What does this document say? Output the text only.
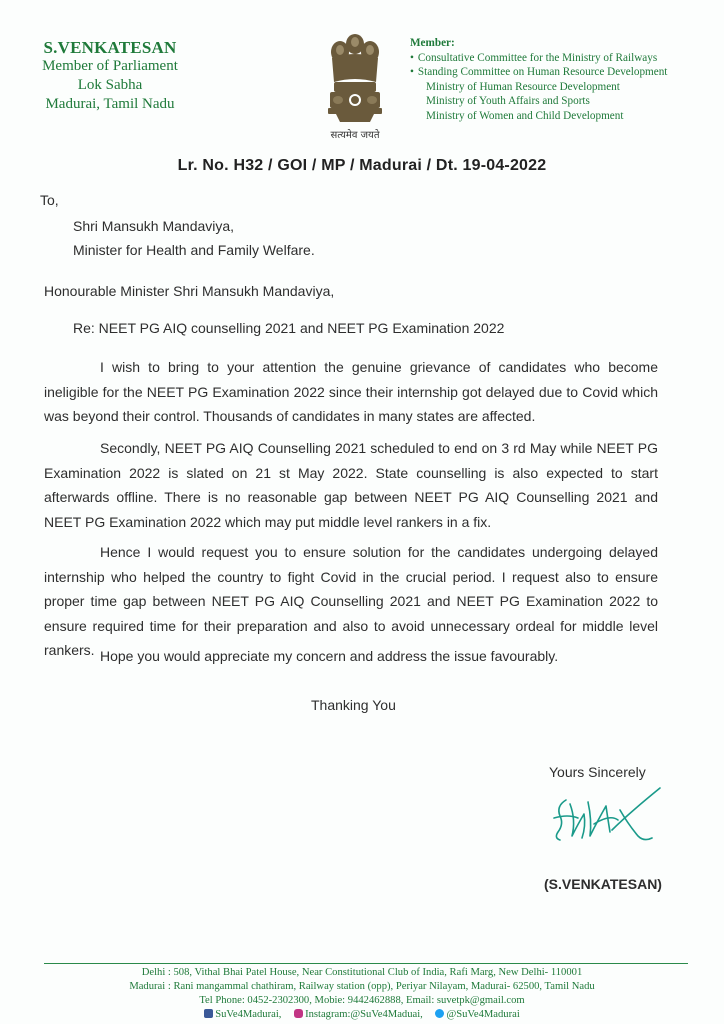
S.VENKATESAN
Member of Parliament
Lok Sabha
Madurai, Tamil Nadu
सत्यमेव जयते
Member:
• Consultative Committee for the Ministry of Railways
• Standing Committee on Human Resource Development
Ministry of Human Resource Development
Ministry of Youth Affairs and Sports
Ministry of Women and Child Development
Lr. No. H32 / GOI / MP / Madurai / Dt. 19-04-2022
To,
Shri Mansukh Mandaviya,
Minister for Health and Family Welfare.
Honourable Minister Shri Mansukh Mandaviya,
Re: NEET PG AIQ counselling 2021 and NEET PG Examination 2022
I wish to bring to your attention the genuine grievance of candidates who become ineligible for the NEET PG Examination 2022 since their internship got delayed due to Covid which was beyond their control. Thousands of candidates in many states are affected.
Secondly, NEET PG AIQ Counselling 2021 scheduled to end on 3 rd May while NEET PG Examination 2022 is slated on 21 st May 2022. State counselling is also expected to start afterwards offline. There is no reasonable gap between NEET PG AIQ Counselling 2021 and NEET PG Examination 2022 which may put middle level rankers in a fix.
Hence I would request you to ensure solution for the candidates undergoing delayed internship who helped the country to fight Covid in the crucial period. I request also to ensure proper time gap between NEET PG AIQ Counselling 2021 and NEET PG Examination 2022 to ensure required time for their preparation and also to avoid unnecessary ordeal for middle level rankers. Hope you would appreciate my concern and address the issue favourably.
Thanking You
Yours Sincerely
(S.VENKATESAN)
Delhi : 508, Vithal Bhai Patel House, Near Constitutional Club of India, Rafi Marg, New Delhi- 110001
Madurai : Rani mangammal chathiram, Railway station (opp), Periyar Nilayam, Madurai- 62500, Tamil Nadu
Tel Phone: 0452-2302300, Mobie: 9442462888, Email: suvetpk@gmail.com
SuVe4Madurai, Instagram:@SuVe4Maduai, @SuVe4Madurai
